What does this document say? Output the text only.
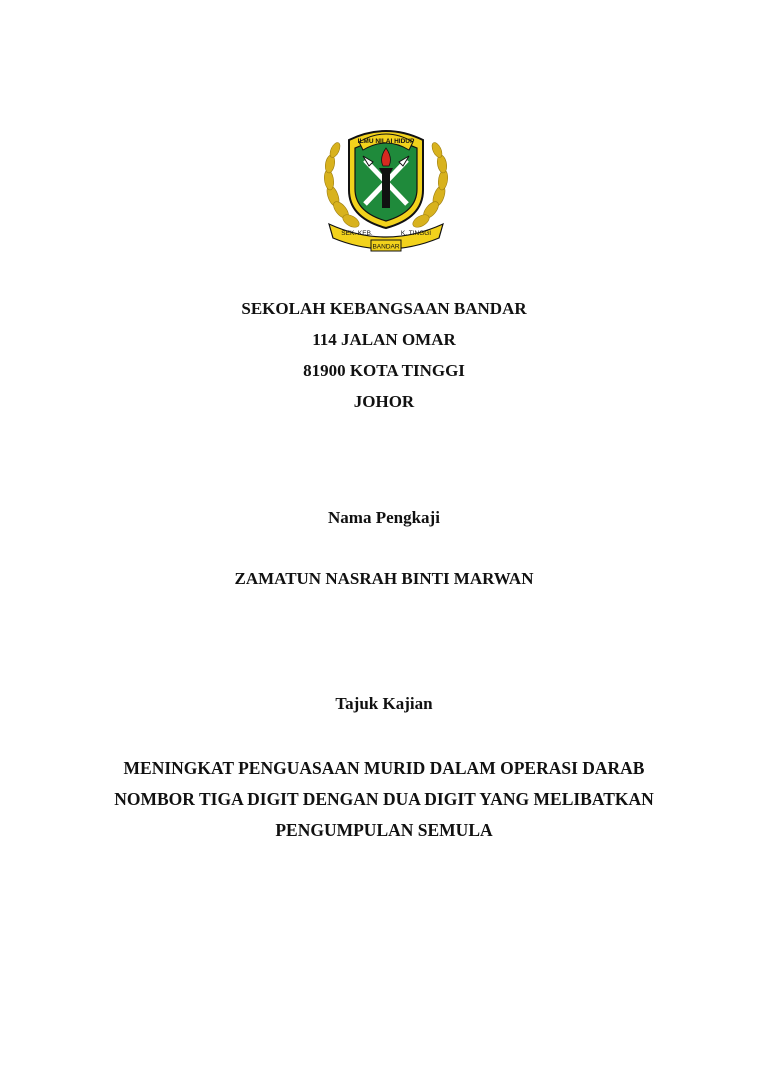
ILMU NILAI HIDUP
SEK. KEB.	K. TINGGI
BANDAR
SEKOLAH KEBANGSAAN BANDAR
114 JALAN OMAR
81900 KOTA TINGGI
JOHOR
Nama Pengkaji
ZAMATUN NASRAH BINTI MARWAN
Tajuk Kajian
MENINGKAT PENGUASAAN MURID DALAM OPERASI DARAB
NOMBOR TIGA DIGIT DENGAN DUA DIGIT YANG MELIBATKAN
PENGUMPULAN SEMULA
